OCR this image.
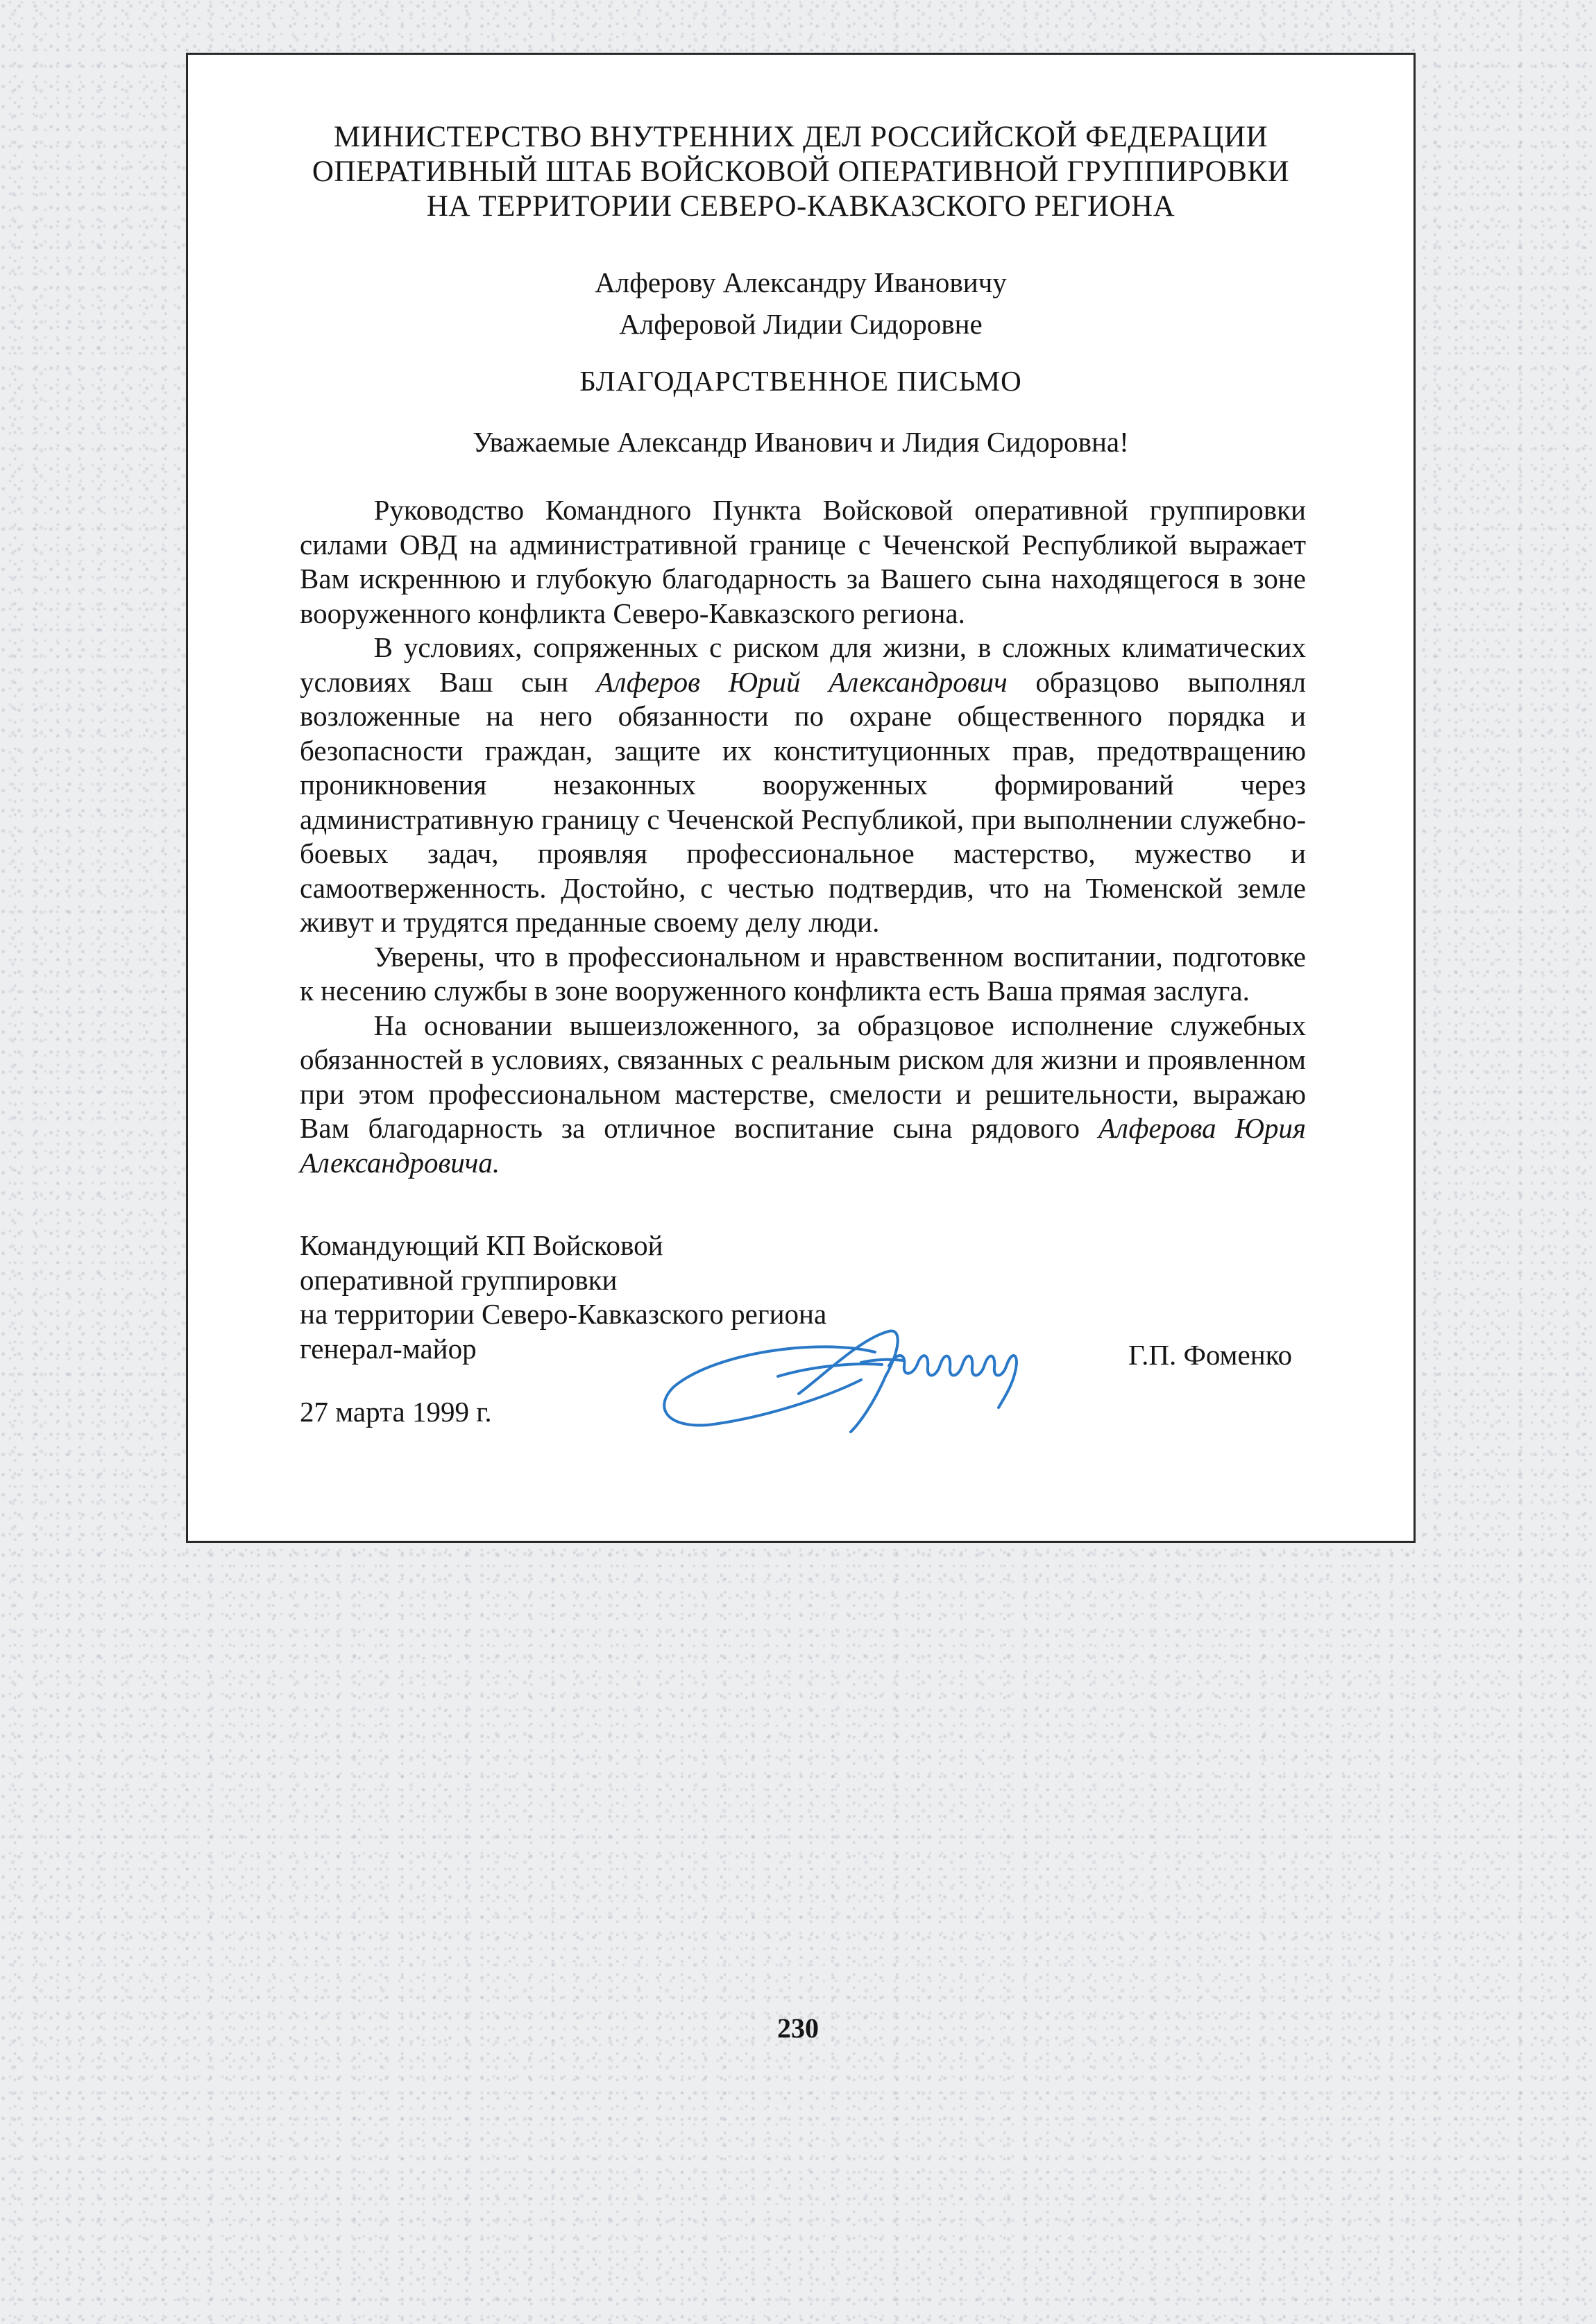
МИНИСТЕРСТВО ВНУТРЕННИХ ДЕЛ РОССИЙСКОЙ ФЕДЕРАЦИИ
ОПЕРАТИВНЫЙ ШТАБ ВОЙСКОВОЙ ОПЕРАТИВНОЙ ГРУППИРОВКИ
НА ТЕРРИТОРИИ СЕВЕРО-КАВКАЗСКОГО РЕГИОНА
Алферову Александру Ивановичу
Алферовой Лидии Сидоровне
БЛАГОДАРСТВЕННОЕ ПИСЬМО
Уважаемые Александр Иванович и Лидия Сидоровна!

Руководство Командного Пункта Войсковой оперативной группировки силами ОВД на административной границе с Чеченской Республикой выражает Вам искреннюю и глубокую благодарность за Вашего сына находящегося в зоне вооруженного конфликта Северо-Кавказского региона.

В условиях, сопряженных с риском для жизни, в сложных климатических условиях Ваш сын Алферов Юрий Александрович образцово выполнял возложенные на него обязанности по охране общественного порядка и безопасности граждан, защите их конституционных прав, предотвращению проникновения незаконных вооруженных формирований через административную границу с Чеченской Республикой, при выполнении служебно-боевых задач, проявляя профессиональное мастерство, мужество и самоотверженность. Достойно, с честью подтвердив, что на Тюменской земле живут и трудятся преданные своему делу люди.

Уверены, что в профессиональном и нравственном воспитании, подготовке к несению службы в зоне вооруженного конфликта есть Ваша прямая заслуга.

На основании вышеизложенного, за образцовое исполнение служебных обязанностей в условиях, связанных с реальным риском для жизни и проявленном при этом профессиональном мастерстве, смелости и решительности, выражаю Вам благодарность за отличное воспитание сына рядового Алферова Юрия Александровича.

Командующий КП Войсковой
оперативной группировки
на территории Северо-Кавказского региона
генерал-майор	Г.П. Фоменко
27 марта 1999 г.
230
